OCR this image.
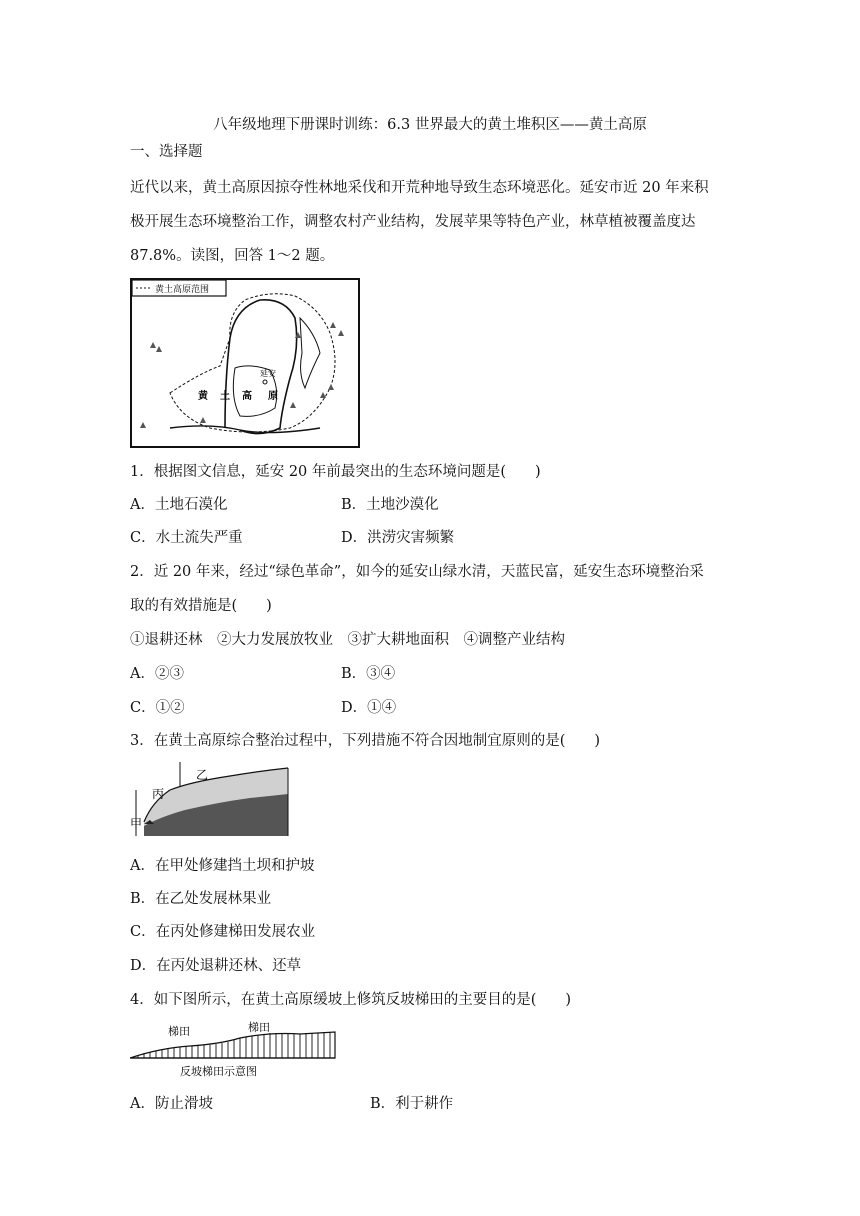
八年级地理下册课时训练：6.3 世界最大的黄土堆积区——黄土高原
一、选择题
近代以来，黄土高原因掠夺性林地采伐和开荒种地导致生态环境恶化。延安市近 20 年来积
极开展生态环境整治工作，调整农村产业结构，发展苹果等特色产业，林草植被覆盖度达
87.8%。读图，回答 1～2 题。
黄土高原范围
延安
黄 土 高 原
1．根据图文信息，延安 20 年前最突出的生态环境问题是(　　)
A．土地石漠化	B．土地沙漠化
C．水土流失严重	D．洪涝灾害频繁
2．近 20 年来，经过“绿色革命”，如今的延安山绿水清，天蓝民富，延安生态环境整治采
取的有效措施是(　　)
①退耕还林　②大力发展放牧业　③扩大耕地面积　④调整产业结构
A．②③	B．③④
C．①②	D．①④
3．在黄土高原综合整治过程中，下列措施不符合因地制宜原则的是(　　)
乙
丙
甲
A．在甲处修建挡土坝和护坡
B．在乙处发展林果业
C．在丙处修建梯田发展农业
D．在丙处退耕还林、还草
4．如下图所示，在黄土高原缓坡上修筑反坡梯田的主要目的是(　　)
梯田	梯田
反坡梯田示意图
A．防止滑坡	B．利于耕作
